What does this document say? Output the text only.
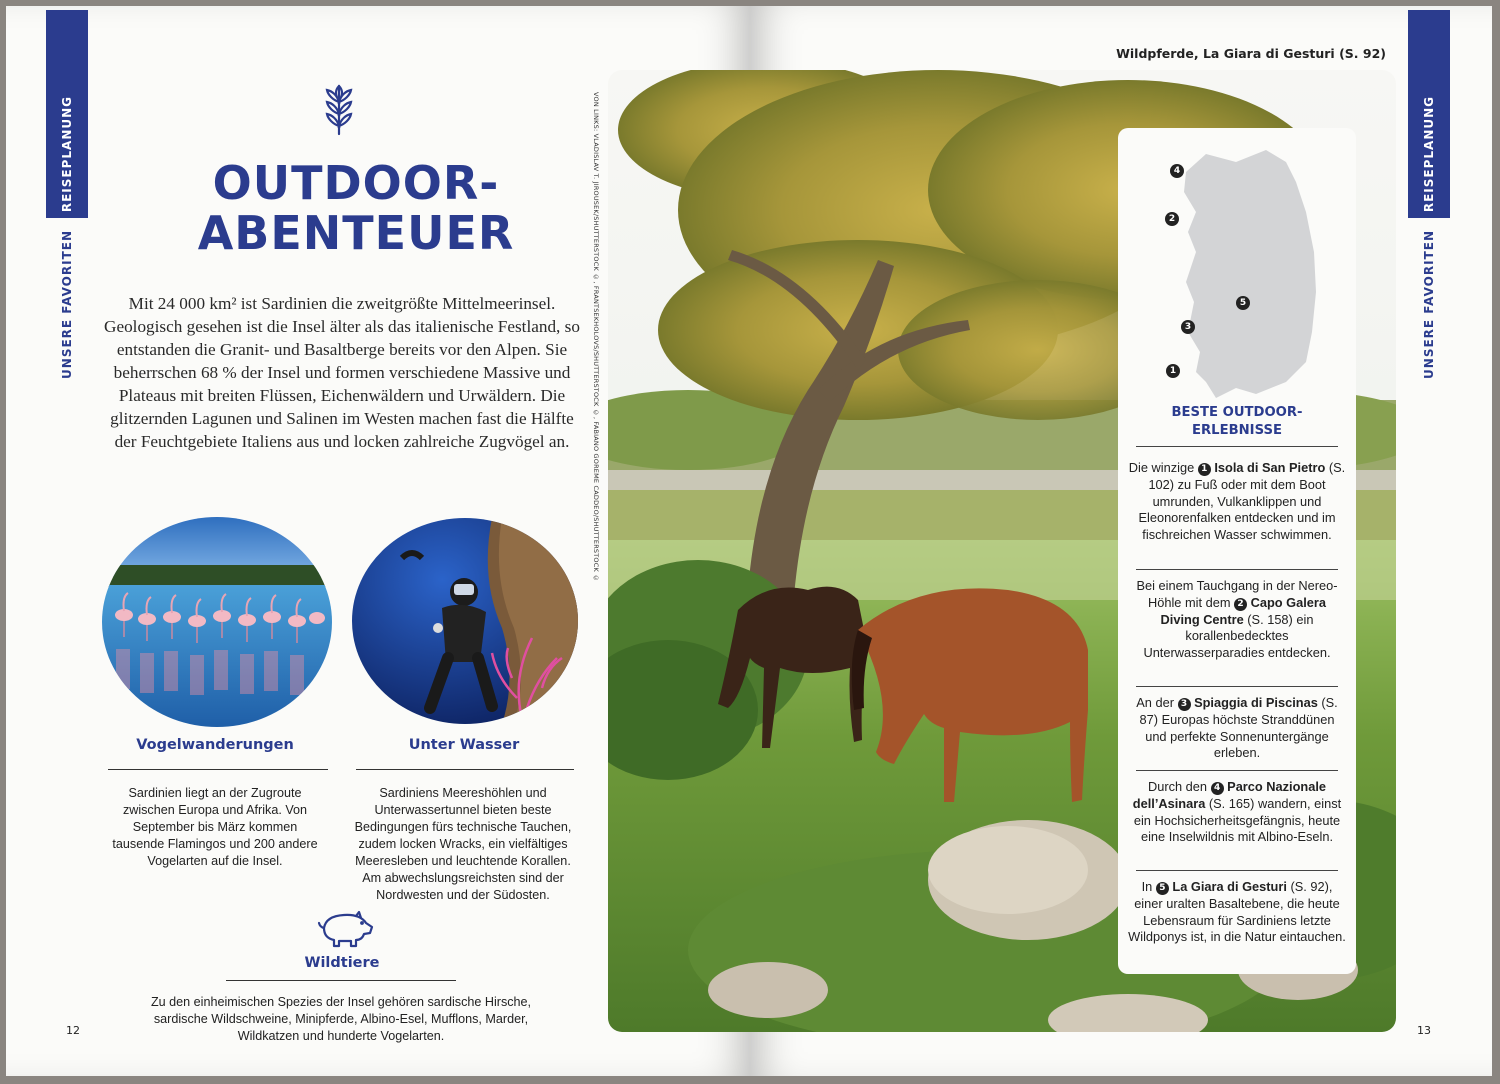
REISEPLANUNG
UNSERE FAVORITEN
OUTDOOR-
ABENTEUER
Mit 24 000 km² ist Sardinien die zweitgrößte Mittelmeerinsel. Geologisch gesehen ist die Insel älter als das italienische Festland, so entstanden die Granit- und Basaltberge bereits vor den Alpen. Sie beherrschen 68 % der Insel und formen verschiedene Massive und Plateaus mit breiten Flüssen, Eichenwäldern und Urwäldern. Die glitzernden Lagunen und Salinen im Westen machen fast die Hälfte der Feuchtgebiete Italiens aus und locken zahlreiche Zugvögel an.
Vogelwanderungen
Sardinien liegt an der Zugroute zwischen Europa und Afrika. Von September bis März kommen tausende Flamingos und 200 andere Vogelarten auf die Insel.
Unter Wasser
Sardiniens Meereshöhlen und Unterwassertunnel bieten beste Bedingungen fürs technische Tauchen, zudem locken Wracks, ein vielfältiges Meeresleben und leuchtende Korallen. Am abwechslungsreichsten sind der Nordwesten und der Südosten.
Wildtiere
Zu den einheimischen Spezies der Insel gehören sardische Hirsche, sardische Wildschweine, Minipferde, Albino-Esel, Mufflons, Marder, Wildkatzen und hunderte Vogelarten.
12
REISEPLANUNG
UNSERE FAVORITEN
13
VON LINKS: VLADISLAV T. JIROUSEK/SHUTTERSTOCK ©, FRANTSEKHOLOVS/SHUTTERSTOCK ©, FABIANO GOREME CADDEO/SHUTTERSTOCK ©
Wildpferde, La Giara di Gesturi (S. 92)
4
2
5
3
1
BESTE OUTDOOR-
ERLEBNISSE
Die winzige 1 Isola di San Pietro (S. 102) zu Fuß oder mit dem Boot umrunden, Vulkanklippen und Eleonorenfalken entdecken und im fischreichen Wasser schwimmen.
Bei einem Tauchgang in der Nereo-Höhle mit dem 2 Capo Galera Diving Centre (S. 158) ein korallenbedecktes Unterwasserparadies entdecken.
An der 3 Spiaggia di Piscinas (S. 87) Europas höchste Stranddünen und perfekte Sonnenuntergänge erleben.
Durch den 4 Parco Nazionale dell’Asinara (S. 165) wandern, einst ein Hochsicherheitsgefängnis, heute eine Inselwildnis mit Albino-Eseln.
In 5 La Giara di Gesturi (S. 92), einer uralten Basaltebene, die heute Lebensraum für Sardiniens letzte Wildponys ist, in die Natur eintauchen.
